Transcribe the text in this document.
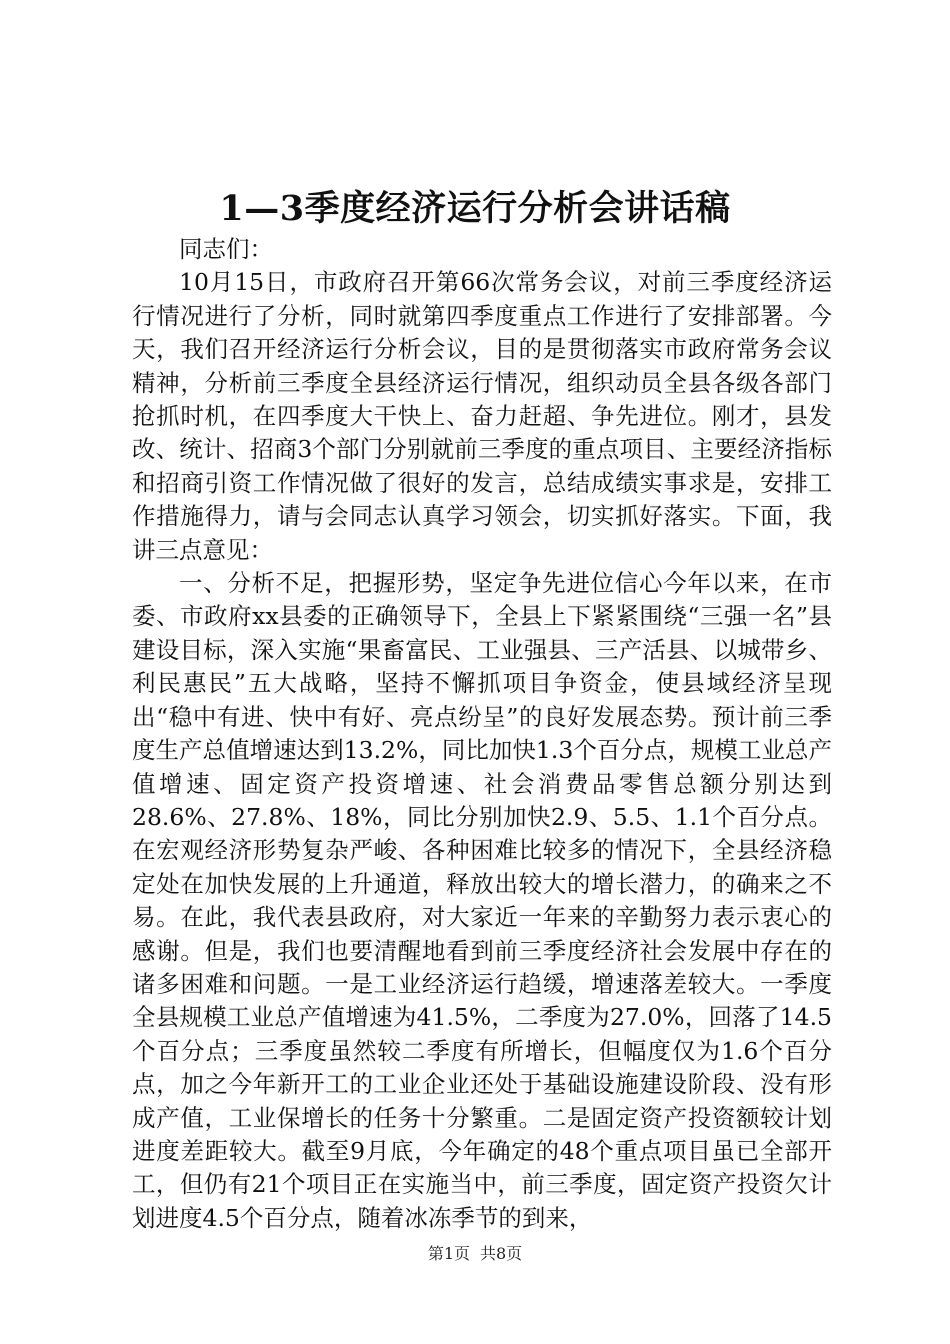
1—3季度经济运行分析会讲话稿

同志们：

10月15日，市政府召开第66次常务会议，对前三季度经济运行情况进行了分析，同时就第四季度重点工作进行了安排部署。今天，我们召开经济运行分析会议，目的是贯彻落实市政府常务会议精神，分析前三季度全县经济运行情况，组织动员全县各级各部门抢抓时机，在四季度大干快上、奋力赶超、争先进位。刚才，县发改、统计、招商3个部门分别就前三季度的重点项目、主要经济指标和招商引资工作情况做了很好的发言，总结成绩实事求是，安排工作措施得力，请与会同志认真学习领会，切实抓好落实。下面，我讲三点意见：

一、分析不足，把握形势，坚定争先进位信心今年以来，在市委、市政府xx县委的正确领导下，全县上下紧紧围绕“三强一名”县建设目标，深入实施“果畜富民、工业强县、三产活县、以城带乡、利民惠民”五大战略，坚持不懈抓项目争资金，使县域经济呈现出“稳中有进、快中有好、亮点纷呈”的良好发展态势。预计前三季度生产总值增速达到13.2%，同比加快1.3个百分点，规模工业总产值增速、固定资产投资增速、社会消费品零售总额分别达到28.6%、27.8%、18%，同比分别加快2.9、5.5、1.1个百分点。在宏观经济形势复杂严峻、各种困难比较多的情况下，全县经济稳定处在加快发展的上升通道，释放出较大的增长潜力，的确来之不易。在此，我代表县政府，对大家近一年来的辛勤努力表示衷心的感谢。但是，我们也要清醒地看到前三季度经济社会发展中存在的诸多困难和问题。一是工业经济运行趋缓，增速落差较大。一季度全县规模工业总产值增速为41.5%，二季度为27.0%，回落了14.5个百分点；三季度虽然较二季度有所增长，但幅度仅为1.6个百分点，加之今年新开工的工业企业还处于基础设施建设阶段、没有形成产值，工业保增长的任务十分繁重。二是固定资产投资额较计划进度差距较大。截至9月底，今年确定的48个重点项目虽已全部开工，但仍有21个项目正在实施当中，前三季度，固定资产投资欠计划进度4.5个百分点，随着冰冻季节的到来，

第1页 共8页
